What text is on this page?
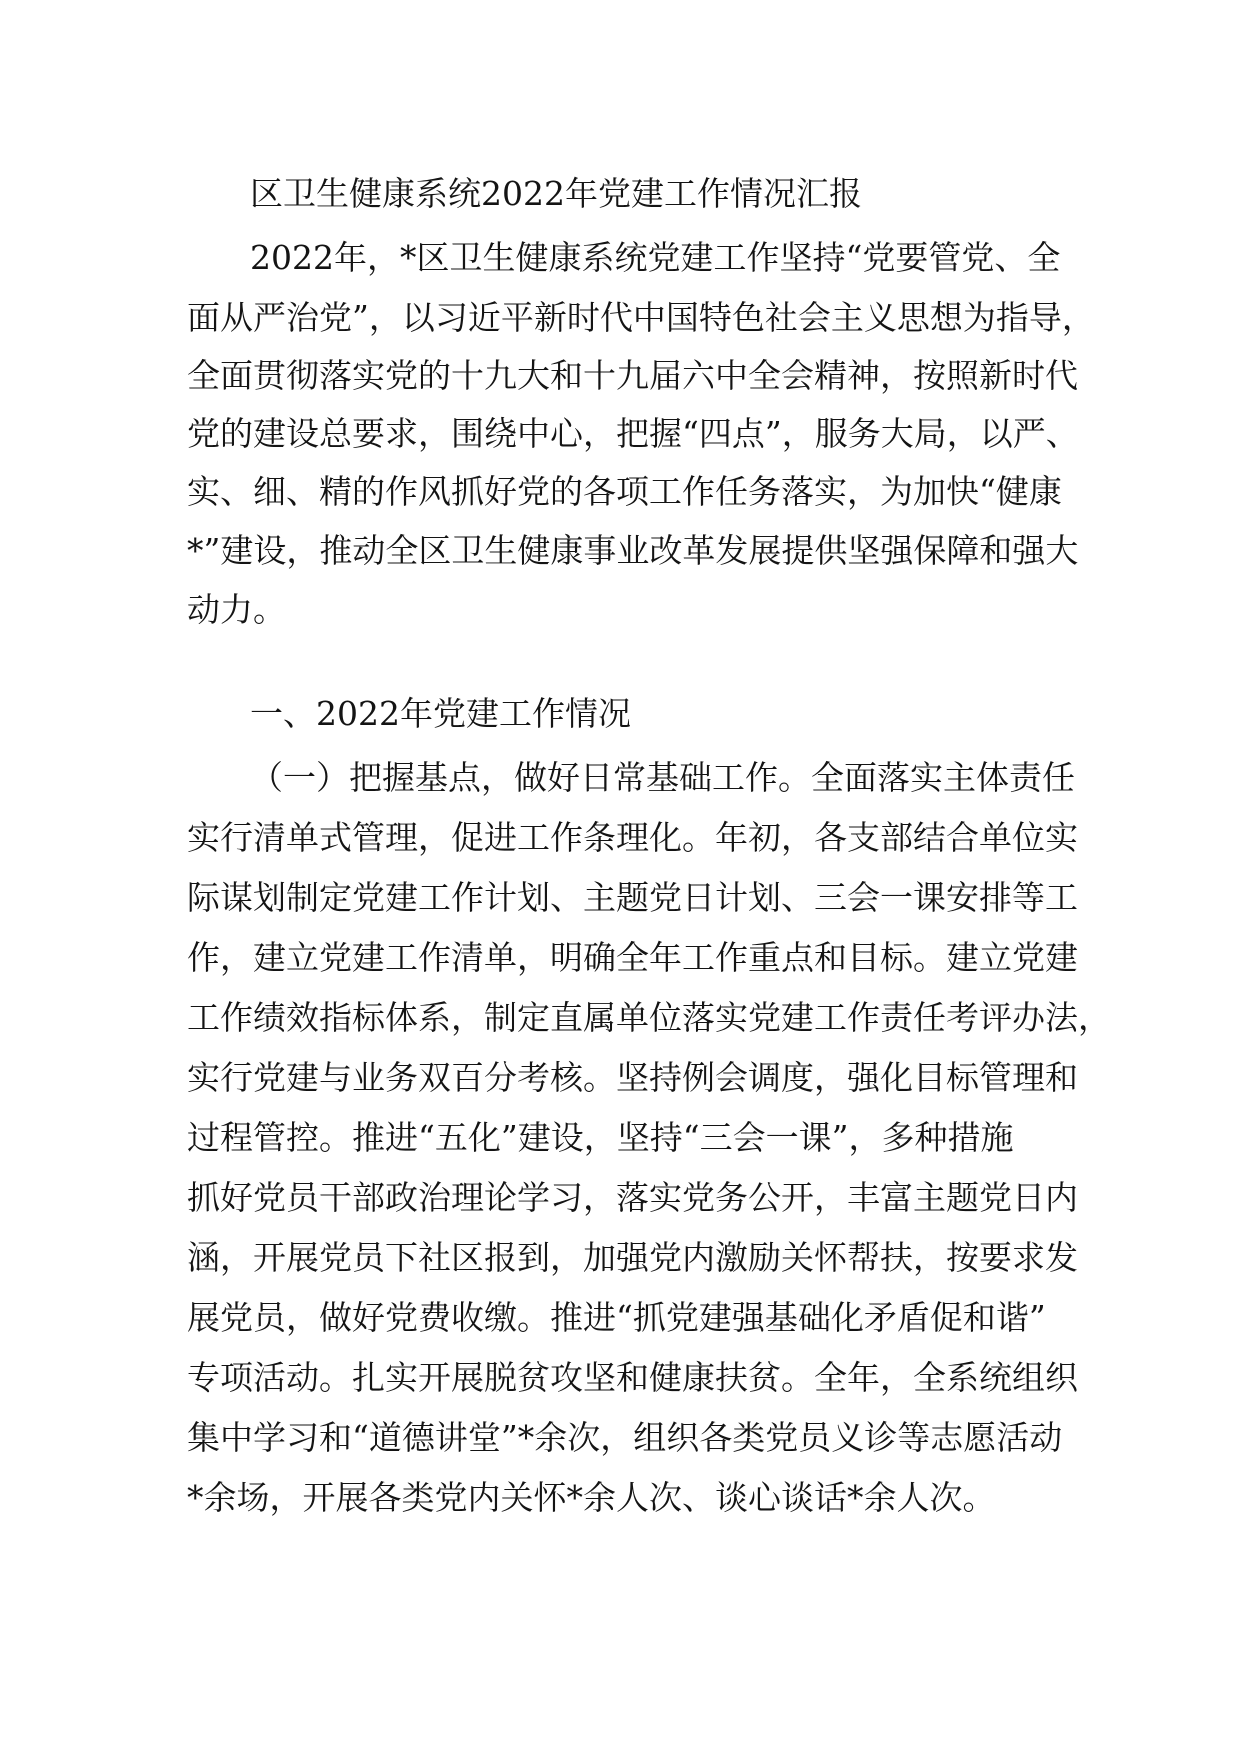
区卫生健康系统2022年党建工作情况汇报
2022年，*区卫生健康系统党建工作坚持“党要管党、全
面从严治党”，以习近平新时代中国特色社会主义思想为指导，
全面贯彻落实党的十九大和十九届六中全会精神，按照新时代
党的建设总要求，围绕中心，把握“四点”，服务大局，以严、
实、细、精的作风抓好党的各项工作任务落实，为加快“健康
*”建设，推动全区卫生健康事业改革发展提供坚强保障和强大
动力。
一、2022年党建工作情况
（一）把握基点，做好日常基础工作。全面落实主体责任
实行清单式管理，促进工作条理化。年初，各支部结合单位实
际谋划制定党建工作计划、主题党日计划、三会一课安排等工
作，建立党建工作清单，明确全年工作重点和目标。建立党建
工作绩效指标体系，制定直属单位落实党建工作责任考评办法，
实行党建与业务双百分考核。坚持例会调度，强化目标管理和
过程管控。推进“五化”建设，坚持“三会一课”，多种措施
抓好党员干部政治理论学习，落实党务公开，丰富主题党日内
涵，开展党员下社区报到，加强党内激励关怀帮扶，按要求发
展党员，做好党费收缴。推进“抓党建强基础化矛盾促和谐”
专项活动。扎实开展脱贫攻坚和健康扶贫。全年，全系统组织
集中学习和“道德讲堂”*余次，组织各类党员义诊等志愿活动
*余场，开展各类党内关怀*余人次、谈心谈话*余人次。
